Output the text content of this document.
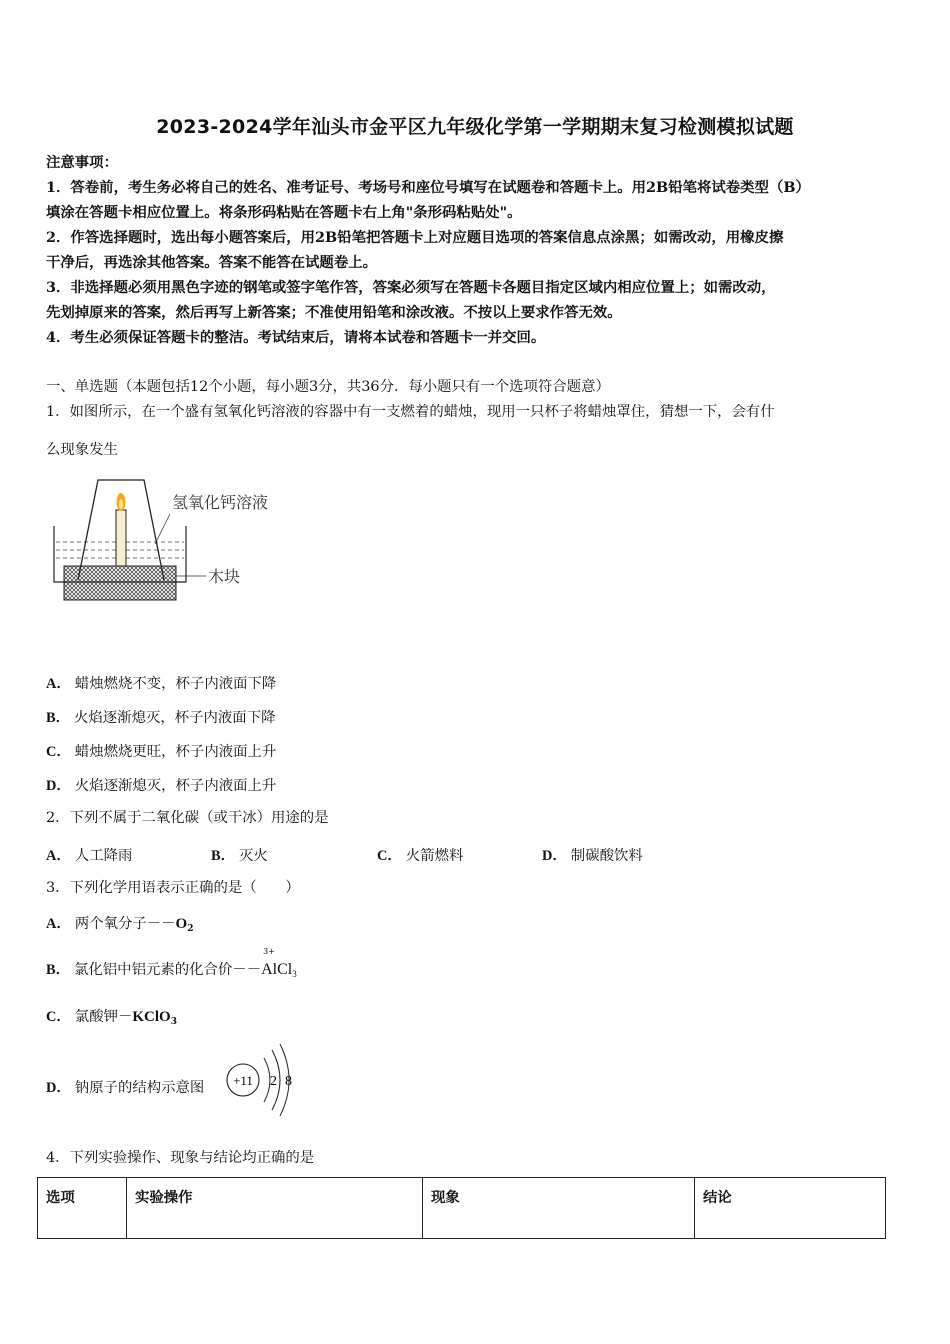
2023-2024学年汕头市金平区九年级化学第一学期期末复习检测模拟试题
注意事项：
1．答卷前，考生务必将自己的姓名、准考证号、考场号和座位号填写在试题卷和答题卡上。用2B铅笔将试卷类型（B）
填涂在答题卡相应位置上。将条形码粘贴在答题卡右上角"条形码粘贴处"。
2．作答选择题时，选出每小题答案后，用2B铅笔把答题卡上对应题目选项的答案信息点涂黑；如需改动，用橡皮擦
干净后，再选涂其他答案。答案不能答在试题卷上。
3．非选择题必须用黑色字迹的钢笔或签字笔作答，答案必须写在答题卡各题目指定区域内相应位置上；如需改动，
先划掉原来的答案，然后再写上新答案；不准使用铅笔和涂改液。不按以上要求作答无效。
4．考生必须保证答题卡的整洁。考试结束后，请将本试卷和答题卡一并交回。
一、单选题（本题包括12个小题，每小题3分，共36分．每小题只有一个选项符合题意）
1．如图所示，在一个盛有氢氧化钙溶液的容器中有一支燃着的蜡烛，现用一只杯子将蜡烛罩住，猜想一下，会有什
么现象发生
氢氧化钙溶液
木块
A． 蜡烛燃烧不变，杯子内液面下降
B． 火焰逐渐熄灭，杯子内液面下降
C． 蜡烛燃烧更旺，杯子内液面上升
D． 火焰逐渐熄灭，杯子内液面上升
2．下列不属于二氧化碳（或干冰）用途的是
A． 人工降雨	B． 灭火	C． 火箭燃料	D． 制碳酸饮料
3．下列化学用语表示正确的是（　　）
A． 两个氧分子$--O_2$
B． 氯化铝中铝元素的化合价－－AlCl$_3$
3+
C． 氯酸钾－KClO$_3$
D． 钠原子的结构示意图 +11 2 8
4．下列实验操作、现象与结论均正确的是
选项	实验操作	现象	结论
